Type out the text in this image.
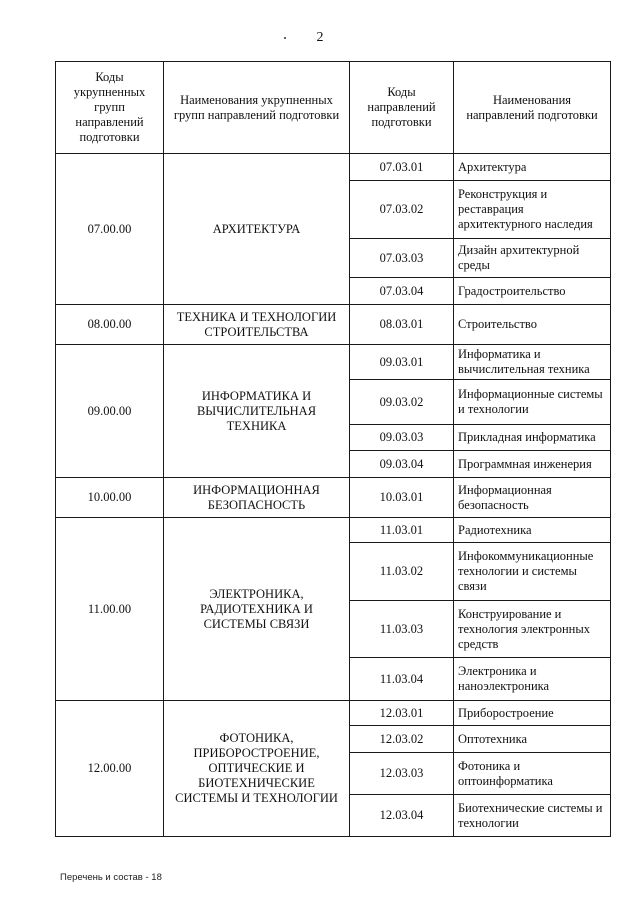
2
Коды укрупненных групп направлений подготовки	Наименования укрупненных групп направлений подготовки	Коды направлений подготовки	Наименования направлений подготовки
07.00.00	АРХИТЕКТУРА	07.03.01	Архитектура
		07.03.02	Реконструкция и реставрация архитектурного наследия
		07.03.03	Дизайн архитектурной среды
		07.03.04	Градостроительство
08.00.00	ТЕХНИКА И ТЕХНОЛОГИИ СТРОИТЕЛЬСТВА	08.03.01	Строительство
09.00.00	ИНФОРМАТИКА И ВЫЧИСЛИТЕЛЬНАЯ ТЕХНИКА	09.03.01	Информатика и вычислительная техника
		09.03.02	Информационные системы и технологии
		09.03.03	Прикладная информатика
		09.03.04	Программная инженерия
10.00.00	ИНФОРМАЦИОННАЯ БЕЗОПАСНОСТЬ	10.03.01	Информационная безопасность
11.00.00	ЭЛЕКТРОНИКА, РАДИОТЕХНИКА И СИСТЕМЫ СВЯЗИ	11.03.01	Радиотехника
		11.03.02	Инфокоммуникационные технологии и системы связи
		11.03.03	Конструирование и технология электронных средств
		11.03.04	Электроника и наноэлектроника
12.00.00	ФОТОНИКА, ПРИБОРОСТРОЕНИЕ, ОПТИЧЕСКИЕ И БИОТЕХНИЧЕСКИЕ СИСТЕМЫ И ТЕХНОЛОГИИ	12.03.01	Приборостроение
		12.03.02	Оптотехника
		12.03.03	Фотоника и оптоинформатика
		12.03.04	Биотехнические системы и технологии
Перечень и состав - 18
